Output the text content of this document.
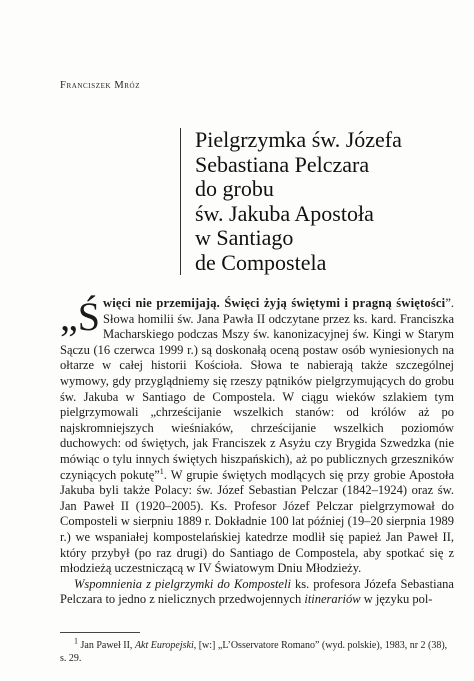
Franciszek Mróz
Pielgrzymka św. Józefa
Sebastiana Pelczara
do grobu
św. Jakuba Apostoła
w Santiago
de Compostela

„Ś więci nie przemijają. Święci żyją świętymi i pragną świętości”. Słowa homilii św. Jana Pawła II odczytane przez ks. kard. Franciszka Macharskiego podczas Mszy św. kanonizacyjnej św. Kingi w Starym Sączu (16 czerwca 1999 r.) są doskonałą oceną postaw osób wyniesionych na ołtarze w całej historii Kościoła. Słowa te nabierają także szczególnej wymowy, gdy przyglądniemy się rzeszy pątników pielgrzymujących do grobu św. Jakuba w Santiago de Compostela. W ciągu wieków szlakiem tym pielgrzymowali „chrześcijanie wszelkich stanów: od królów aż po najskromniejszych wieśniaków, chrześcijanie wszelkich poziomów duchowych: od świętych, jak Franciszek z Asyżu czy Brygida Szwedzka (nie mówiąc o tylu innych świętych hiszpańskich), aż po publicznych grzeszników czyniących pokutę”$^1$. W grupie świętych modlących się przy grobie Apostoła Jakuba byli także Polacy: św. Józef Sebastian Pelczar (1842–1924) oraz św. Jan Paweł II (1920–2005). Ks. Profesor Józef Pelczar pielgrzymował do Composteli w sierpniu 1889 r. Dokładnie 100 lat później (19–20 sierpnia 1989 r.) we wspaniałej kompostelańskiej katedrze modlił się papież Jan Paweł II, który przybył (po raz drugi) do Santiago de Compostela, aby spotkać się z młodzieżą uczestniczącą w IV Światowym Dniu Młodzieży.

Wspomnienia z pielgrzymki do Komposteli ks. profesora Józefa Sebastiana Pelczara to jedno z nielicznych przedwojennych itinerariów w języku pol-

$^1$ Jan Paweł II, Akt Europejski, [w:] „L’Osservatore Romano” (wyd. polskie), 1983, nr 2 (38), s. 29.
